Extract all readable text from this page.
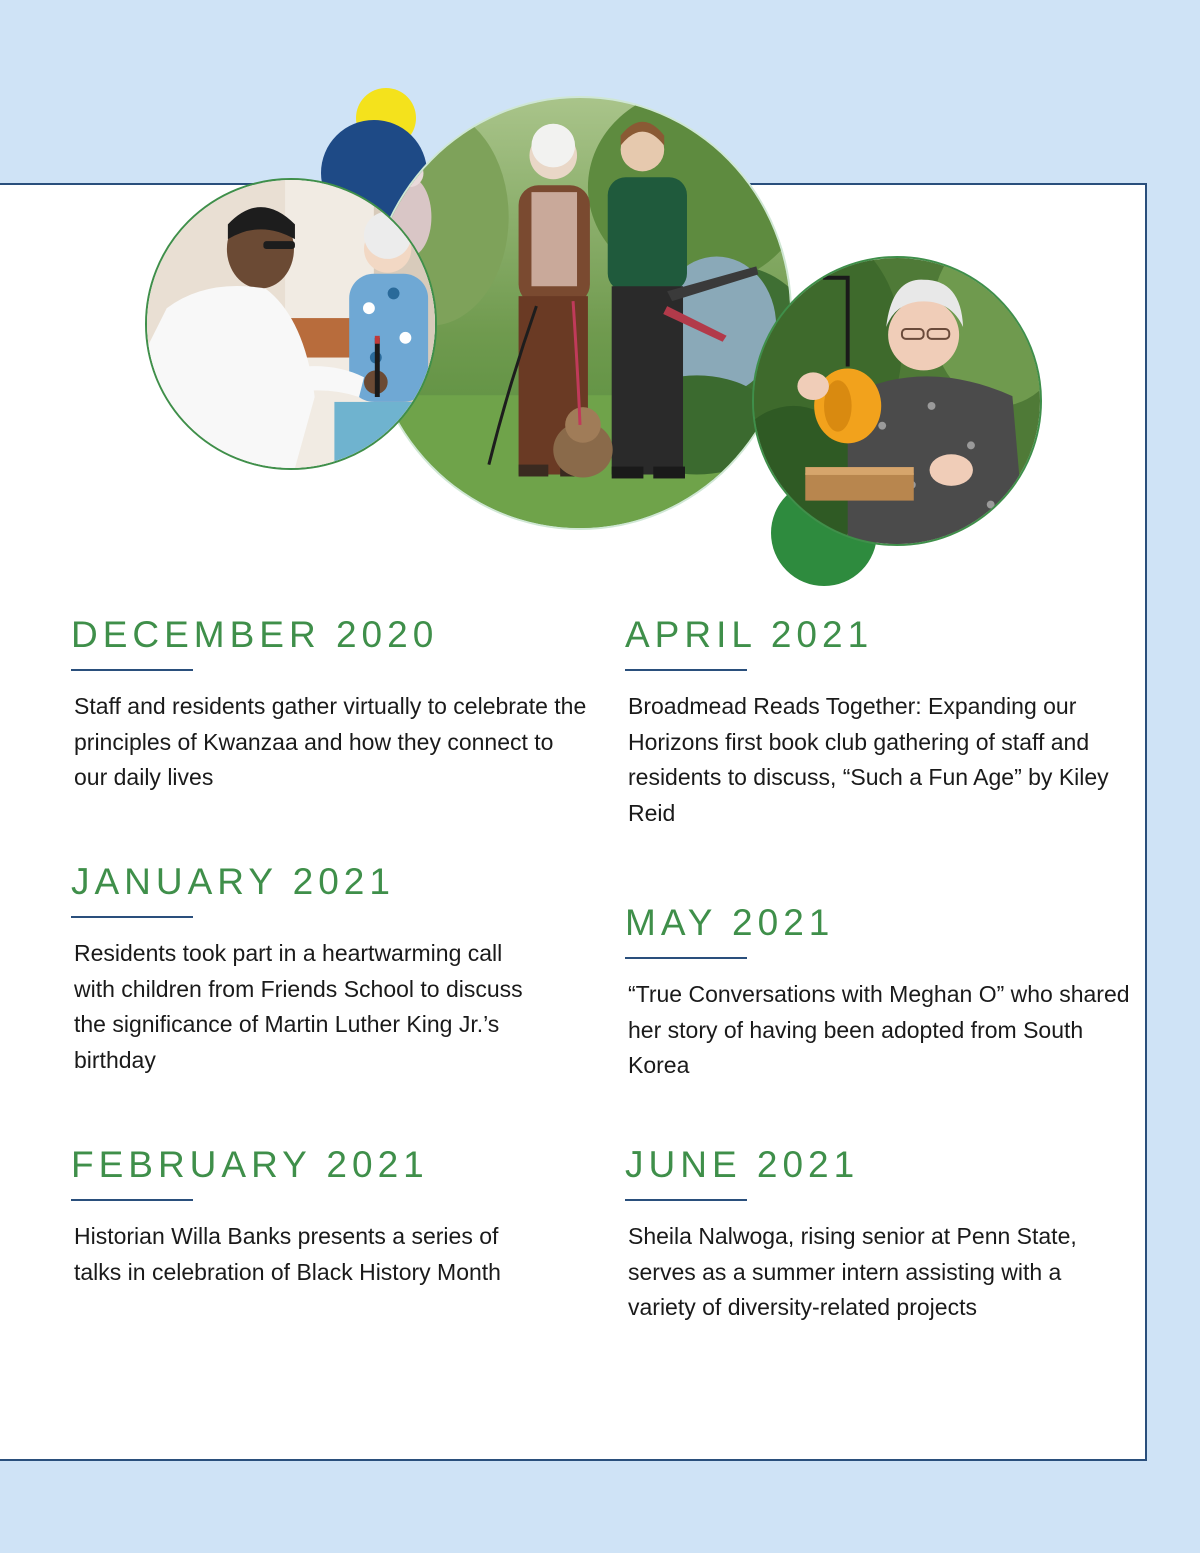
DECEMBER 2020

Staff and residents gather virtually to celebrate the principles of Kwanzaa and how they connect to our daily lives

JANUARY 2021

Residents took part in a heartwarming call with children from Friends School to discuss the significance of Martin Luther King Jr.’s birthday

FEBRUARY 2021

Historian Willa Banks presents a series of talks in celebration of Black History Month

APRIL 2021

Broadmead Reads Together: Expanding our Horizons first book club gathering of staff and residents to discuss, “Such a Fun Age” by Kiley Reid

MAY 2021

“True Conversations with Meghan O” who shared her story of having been adopted from South Korea

JUNE 2021

Sheila Nalwoga, rising senior at Penn State, serves as a summer intern assisting with a variety of diversity-related projects
